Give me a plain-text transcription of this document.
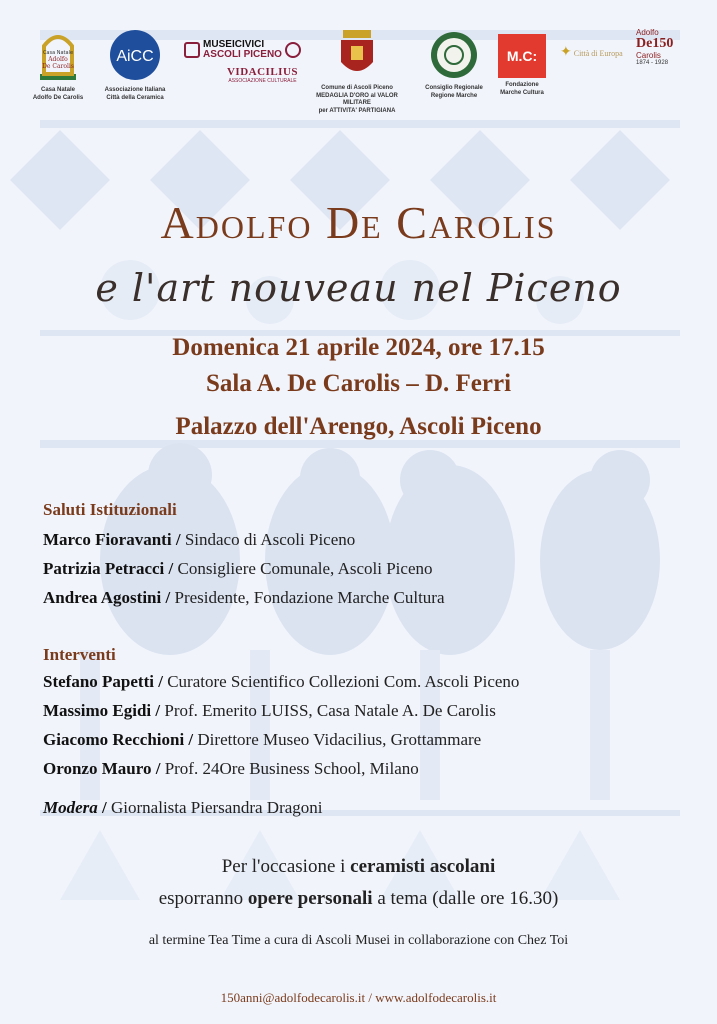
Casa Natale
Adolfo
De Carolis
Casa Natale
Adolfo De Carolis
AiCC
Associazione Italiana
Città della Ceramica
MUSEICIVICI
ASCOLI PICENO
VIDACILIUS
ASSOCIAZIONE CULTURALE
Comune di Ascoli Piceno
MEDAGLIA D'ORO al VALOR MILITARE
per ATTIVITA' PARTIGIANA
Consiglio Regionale
Regione Marche
M.C:
Fondazione
Marche Cultura
✦ Città di Europa
Adolfo
De150
Carolis
1874 - 1928
Adolfo De Carolis
e l'art nouveau nel Piceno
Domenica 21 aprile 2024, ore 17.15
Sala A. De Carolis – D. Ferri
Palazzo dell'Arengo, Ascoli Piceno
Saluti Istituzionali
Marco Fioravanti / Sindaco di Ascoli Piceno
Patrizia Petracci / Consigliere Comunale, Ascoli Piceno
Andrea Agostini / Presidente, Fondazione Marche Cultura
Interventi
Stefano Papetti / Curatore Scientifico Collezioni Com. Ascoli Piceno
Massimo Egidi / Prof. Emerito LUISS, Casa Natale A. De Carolis
Giacomo Recchioni / Direttore Museo Vidacilius, Grottammare
Oronzo Mauro / Prof. 24Ore Business School, Milano
Modera / Giornalista Piersandra Dragoni
Per l'occasione i ceramisti ascolani
esporranno opere personali a tema (dalle ore 16.30)
al termine Tea Time a cura di Ascoli Musei in collaborazione con Chez Toi
150anni@adolfodecarolis.it / www.adolfodecarolis.it
